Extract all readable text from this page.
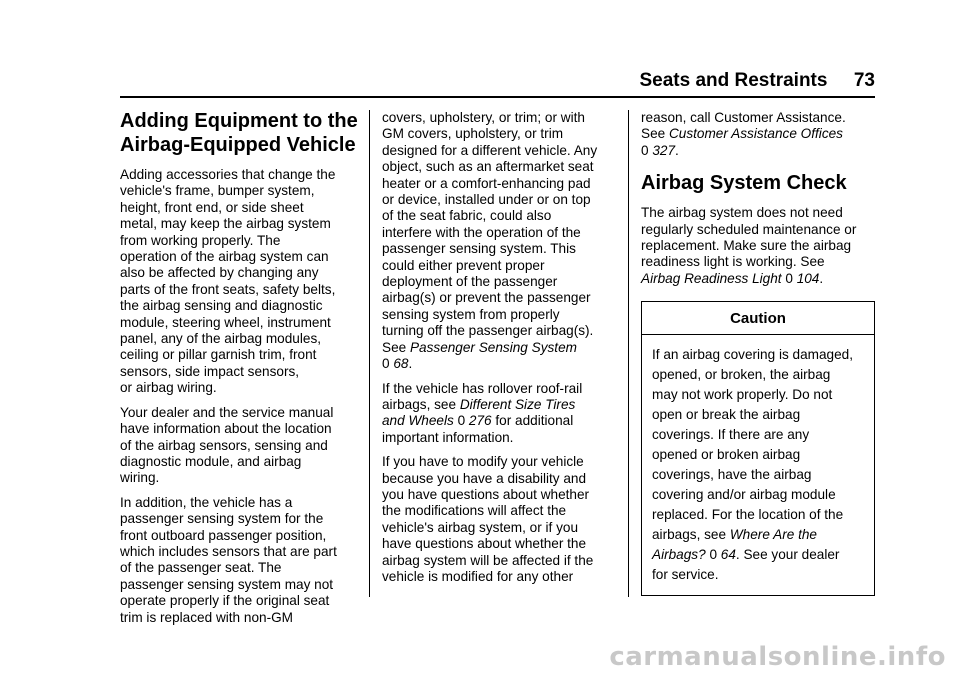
Seats and Restraints 73
Adding Equipment to the
Airbag-Equipped Vehicle

Adding accessories that change the
vehicle's frame, bumper system,
height, front end, or side sheet
metal, may keep the airbag system
from working properly. The
operation of the airbag system can
also be affected by changing any
parts of the front seats, safety belts,
the airbag sensing and diagnostic
module, steering wheel, instrument
panel, any of the airbag modules,
ceiling or pillar garnish trim, front
sensors, side impact sensors,
or airbag wiring.

Your dealer and the service manual
have information about the location
of the airbag sensors, sensing and
diagnostic module, and airbag
wiring.

In addition, the vehicle has a
passenger sensing system for the
front outboard passenger position,
which includes sensors that are part
of the passenger seat. The
passenger sensing system may not
operate properly if the original seat
trim is replaced with non-GM

covers, upholstery, or trim; or with
GM covers, upholstery, or trim
designed for a different vehicle. Any
object, such as an aftermarket seat
heater or a comfort-enhancing pad
or device, installed under or on top
of the seat fabric, could also
interfere with the operation of the
passenger sensing system. This
could either prevent proper
deployment of the passenger
airbag(s) or prevent the passenger
sensing system from properly
turning off the passenger airbag(s).
See Passenger Sensing System
0 68.

If the vehicle has rollover roof-rail
airbags, see Different Size Tires
and Wheels 0 276 for additional
important information.

If you have to modify your vehicle
because you have a disability and
you have questions about whether
the modifications will affect the
vehicle's airbag system, or if you
have questions about whether the
airbag system will be affected if the
vehicle is modified for any other

reason, call Customer Assistance.
See Customer Assistance Offices
0 327.

Airbag System Check

The airbag system does not need
regularly scheduled maintenance or
replacement. Make sure the airbag
readiness light is working. See
Airbag Readiness Light 0 104.

Caution
If an airbag covering is damaged,
opened, or broken, the airbag
may not work properly. Do not
open or break the airbag
coverings. If there are any
opened or broken airbag
coverings, have the airbag
covering and/or airbag module
replaced. For the location of the
airbags, see Where Are the
Airbags? 0 64. See your dealer
for service.
carmanualsonline.info
